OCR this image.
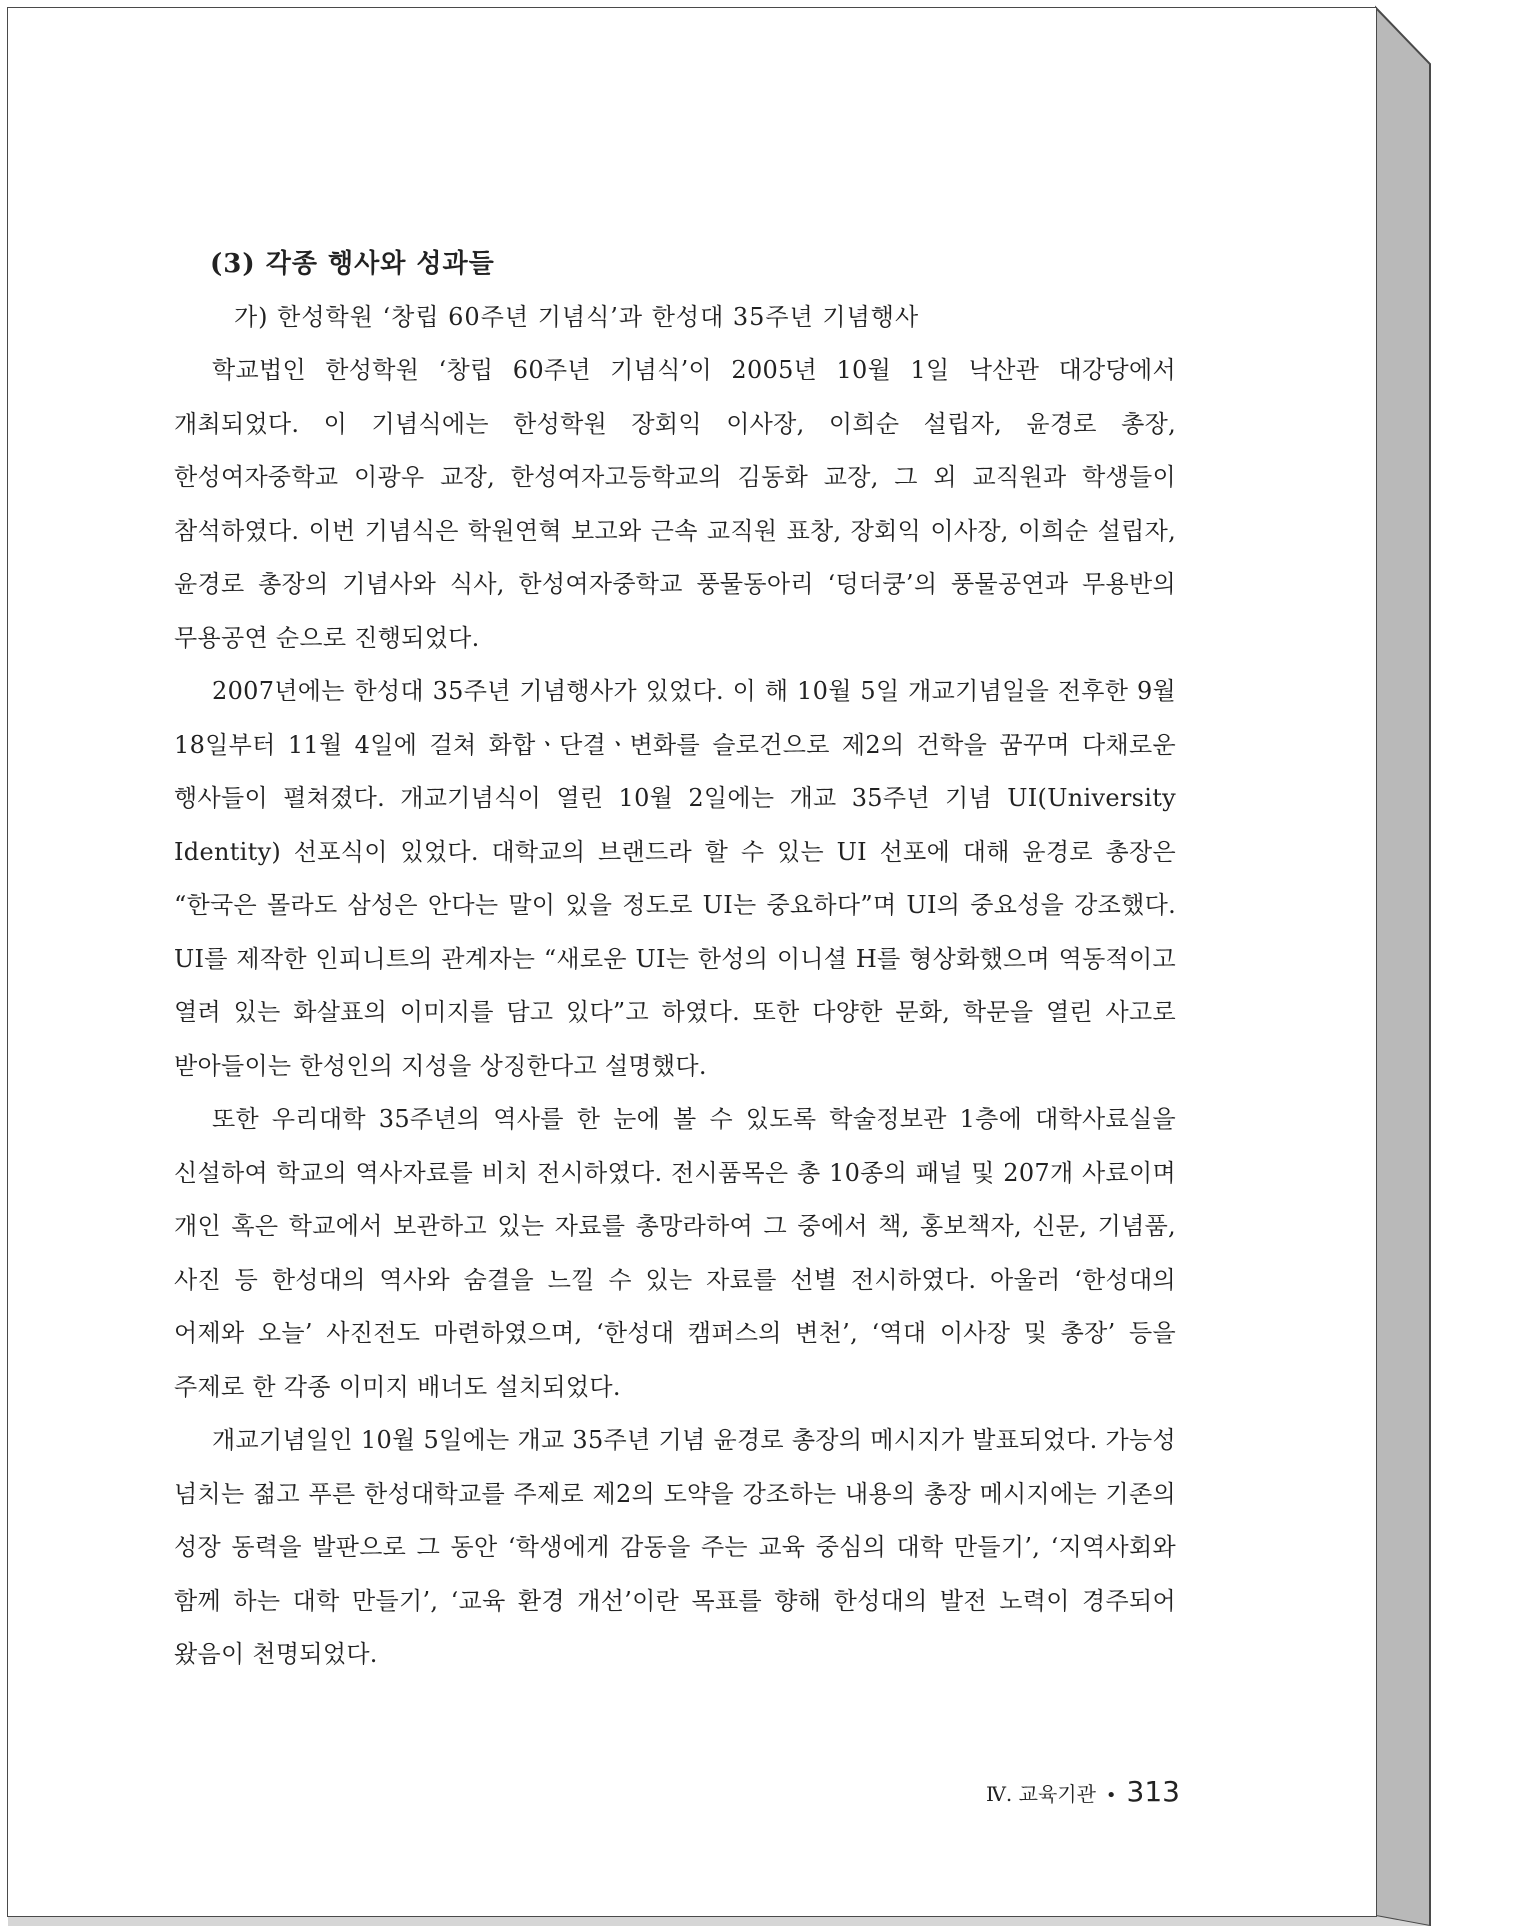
(3) 각종 행사와 성과들
가) 한성학원 ‘창립 60주년 기념식’과 한성대 35주년 기념행사

학교법인 한성학원 ‘창립 60주년 기념식’이 2005년 10월 1일 낙산관 대강당에서 개최되었다. 이 기념식에는 한성학원 장회익 이사장, 이희순 설립자, 윤경로 총장, 한성여자중학교 이광우 교장, 한성여자고등학교의 김동화 교장, 그 외 교직원과 학생들이 참석하였다. 이번 기념식은 학원연혁 보고와 근속 교직원 표창, 장회익 이사장, 이희순 설립자, 윤경로 총장의 기념사와 식사, 한성여자중학교 풍물동아리 ‘덩더쿵’의 풍물공연과 무용반의 무용공연 순으로 진행되었다.

2007년에는 한성대 35주년 기념행사가 있었다. 이 해 10월 5일 개교기념일을 전후한 9월 18일부터 11월 4일에 걸쳐 화합ㆍ단결ㆍ변화를 슬로건으로 제2의 건학을 꿈꾸며 다채로운 행사들이 펼쳐졌다. 개교기념식이 열린 10월 2일에는 개교 35주년 기념 UI(University Identity) 선포식이 있었다. 대학교의 브랜드라 할 수 있는 UI 선포에 대해 윤경로 총장은 “한국은 몰라도 삼성은 안다는 말이 있을 정도로 UI는 중요하다”며 UI의 중요성을 강조했다. UI를 제작한 인피니트의 관계자는 “새로운 UI는 한성의 이니셜 H를 형상화했으며 역동적이고 열려 있는 화살표의 이미지를 담고 있다”고 하였다. 또한 다양한 문화, 학문을 열린 사고로 받아들이는 한성인의 지성을 상징한다고 설명했다.

또한 우리대학 35주년의 역사를 한 눈에 볼 수 있도록 학술정보관 1층에 대학사료실을 신설하여 학교의 역사자료를 비치 전시하였다. 전시품목은 총 10종의 패널 및 207개 사료이며 개인 혹은 학교에서 보관하고 있는 자료를 총망라하여 그 중에서 책, 홍보책자, 신문, 기념품, 사진 등 한성대의 역사와 숨결을 느낄 수 있는 자료를 선별 전시하였다. 아울러 ‘한성대의 어제와 오늘’ 사진전도 마련하였으며, ‘한성대 캠퍼스의 변천’, ‘역대 이사장 및 총장’ 등을 주제로 한 각종 이미지 배너도 설치되었다.

개교기념일인 10월 5일에는 개교 35주년 기념 윤경로 총장의 메시지가 발표되었다. 가능성 넘치는 젊고 푸른 한성대학교를 주제로 제2의 도약을 강조하는 내용의 총장 메시지에는 기존의 성장 동력을 발판으로 그 동안 ‘학생에게 감동을 주는 교육 중심의 대학 만들기’, ‘지역사회와 함께 하는 대학 만들기’, ‘교육 환경 개선’이란 목표를 향해 한성대의 발전 노력이 경주되어 왔음이 천명되었다.

Ⅳ. 교육기관 • 313
